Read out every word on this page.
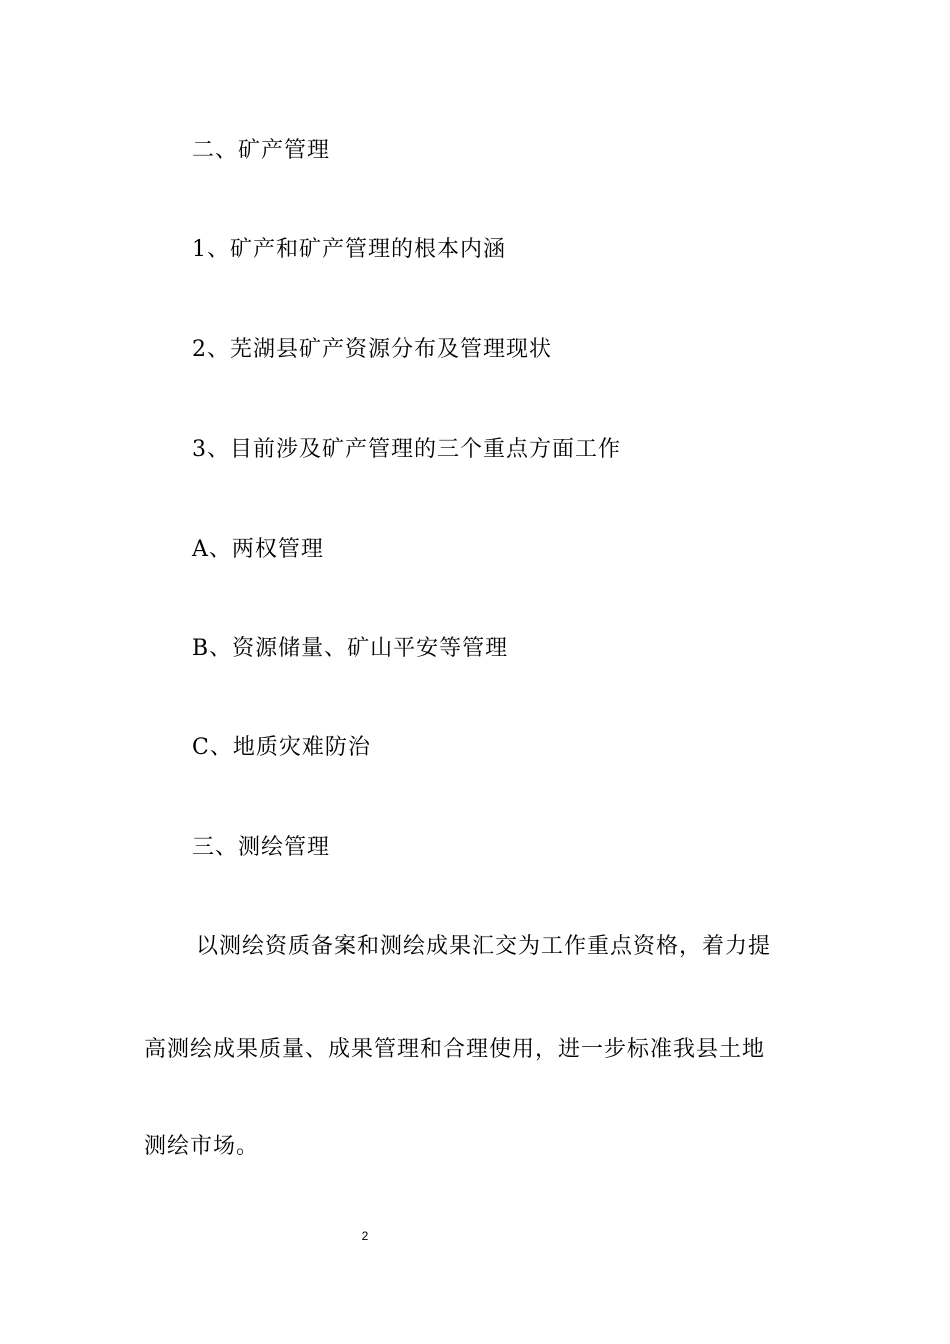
二、矿产管理
1、矿产和矿产管理的根本内涵
2、芜湖县矿产资源分布及管理现状
3、目前涉及矿产管理的三个重点方面工作
A、两权管理
B、资源储量、矿山平安等管理
C、地质灾难防治
三、测绘管理
以测绘资质备案和测绘成果汇交为工作重点资格，着力提
高测绘成果质量、成果管理和合理使用，进一步标准我县土地
测绘市场。
2
